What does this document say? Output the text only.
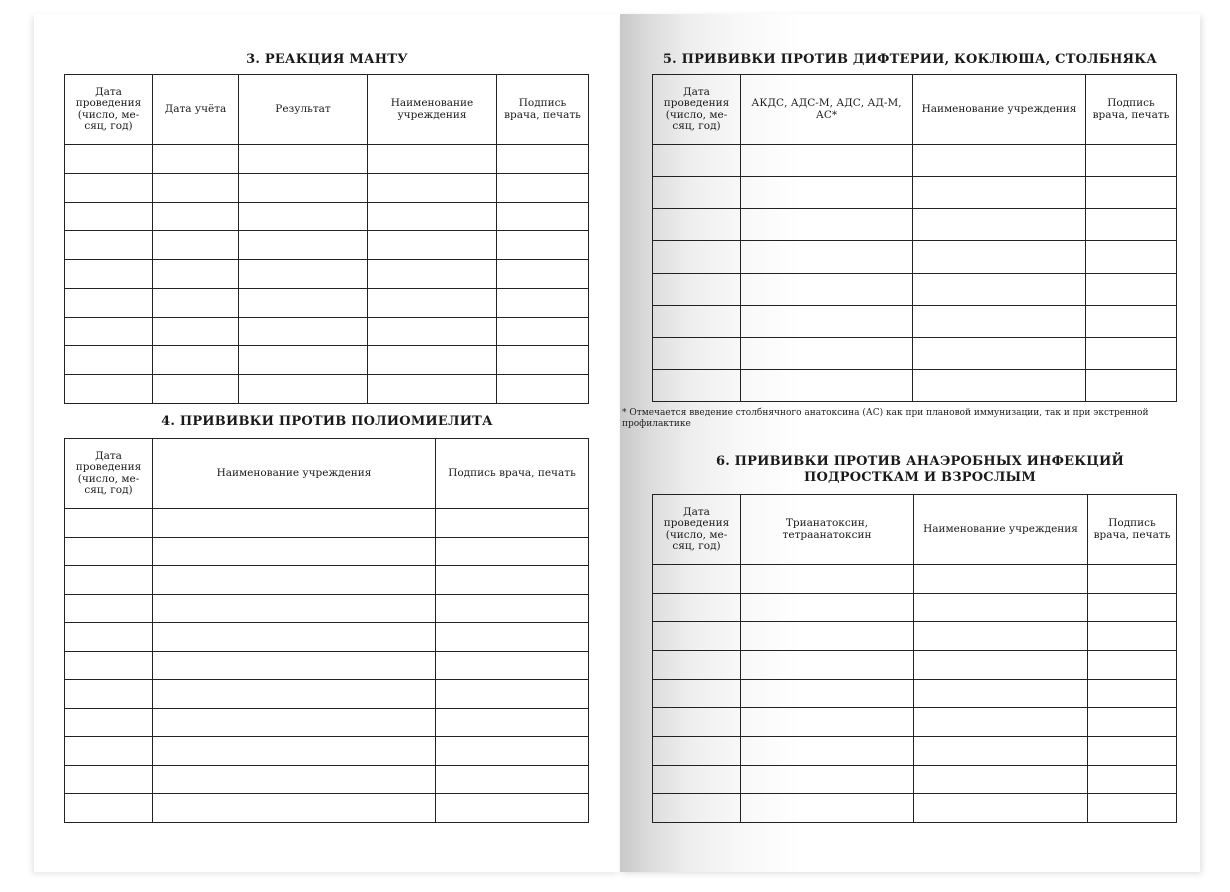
3. РЕАКЦИЯ МАНТУ
Дата проведения (число, ме-сяц, год)	Дата учёта	Результат	Наименование учреждения	Подпись врача, печать

4. ПРИВИВКИ ПРОТИВ ПОЛИОМИЕЛИТА
Дата проведения (число, ме-сяц, год)	Наименование учреждения	Подпись врача, печать

5. ПРИВИВКИ ПРОТИВ ДИФТЕРИИ, КОКЛЮША, СТОЛБНЯКА
Дата проведения (число, ме-сяц, год)	АКДС, АДС-М, АДС, АД-М, АС*	Наименование учреждения	Подпись врача, печать

* Отмечается введение столбнячного анатоксина (АС) как при плановой иммунизации, так и при экстренной профилактике
6. ПРИВИВКИ ПРОТИВ АНАЭРОБНЫХ ИНФЕКЦИЙ ПОДРОСТКАМ И ВЗРОСЛЫМ
Дата проведения (число, ме-сяц, год)	Трианатоксин, тетраанатоксин	Наименование учреждения	Подпись врача, печать
